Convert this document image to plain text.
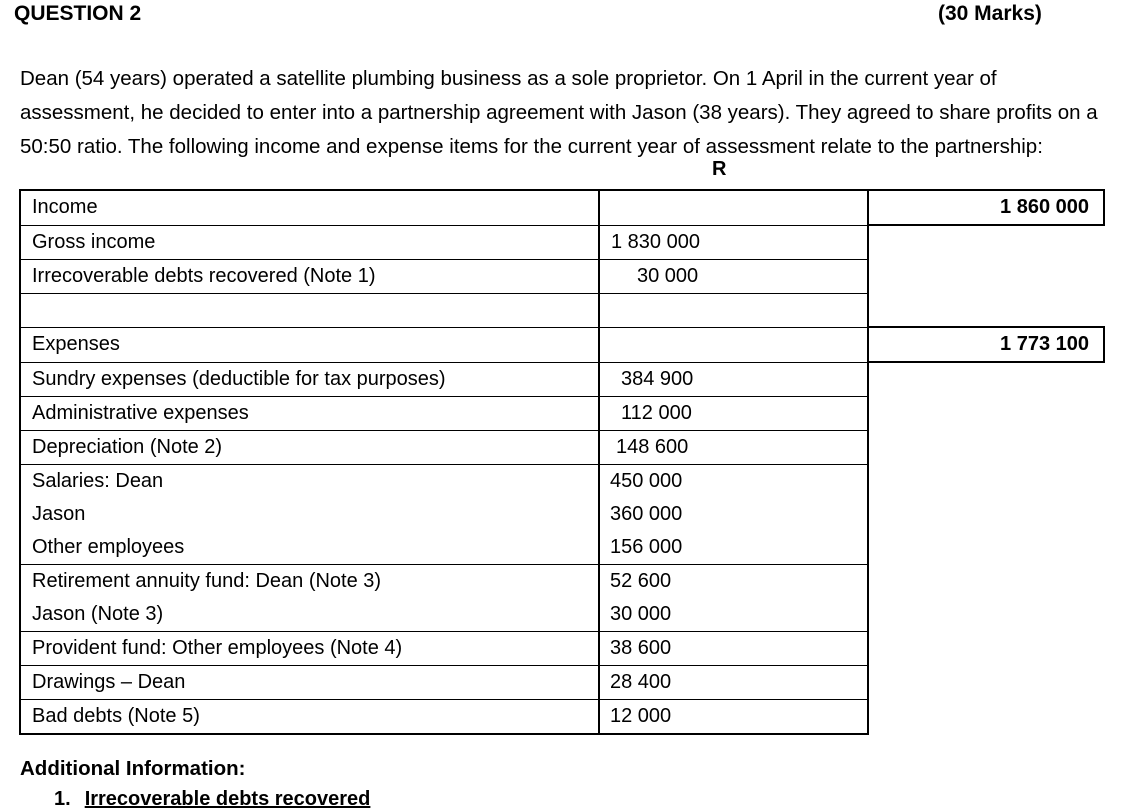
QUESTION 2	(30 Marks)
Dean (54 years) operated a satellite plumbing business as a sole proprietor. On 1 April in the current year of
assessment, he decided to enter into a partnership agreement with Jason (38 years). They agreed to share profits on a
50:50 ratio. The following income and expense items for the current year of assessment relate to the partnership:
R
Income		1 860 000
Gross income	1 830 000	
Irrecoverable debts recovered (Note 1)	30 000	

Expenses		1 773 100
Sundry expenses (deductible for tax purposes)	384 900	
Administrative expenses	112 000	
Depreciation (Note 2)	148 600	
Salaries: Dean	450 000	
Jason	360 000	
Other employees	156 000	
Retirement annuity fund: Dean (Note 3)	52 600	
Jason (Note 3)	30 000	
Provident fund: Other employees (Note 4)	38 600	
Drawings – Dean	28 400	
Bad debts (Note 5)	12 000	
Additional Information:
1. Irrecoverable debts recovered
